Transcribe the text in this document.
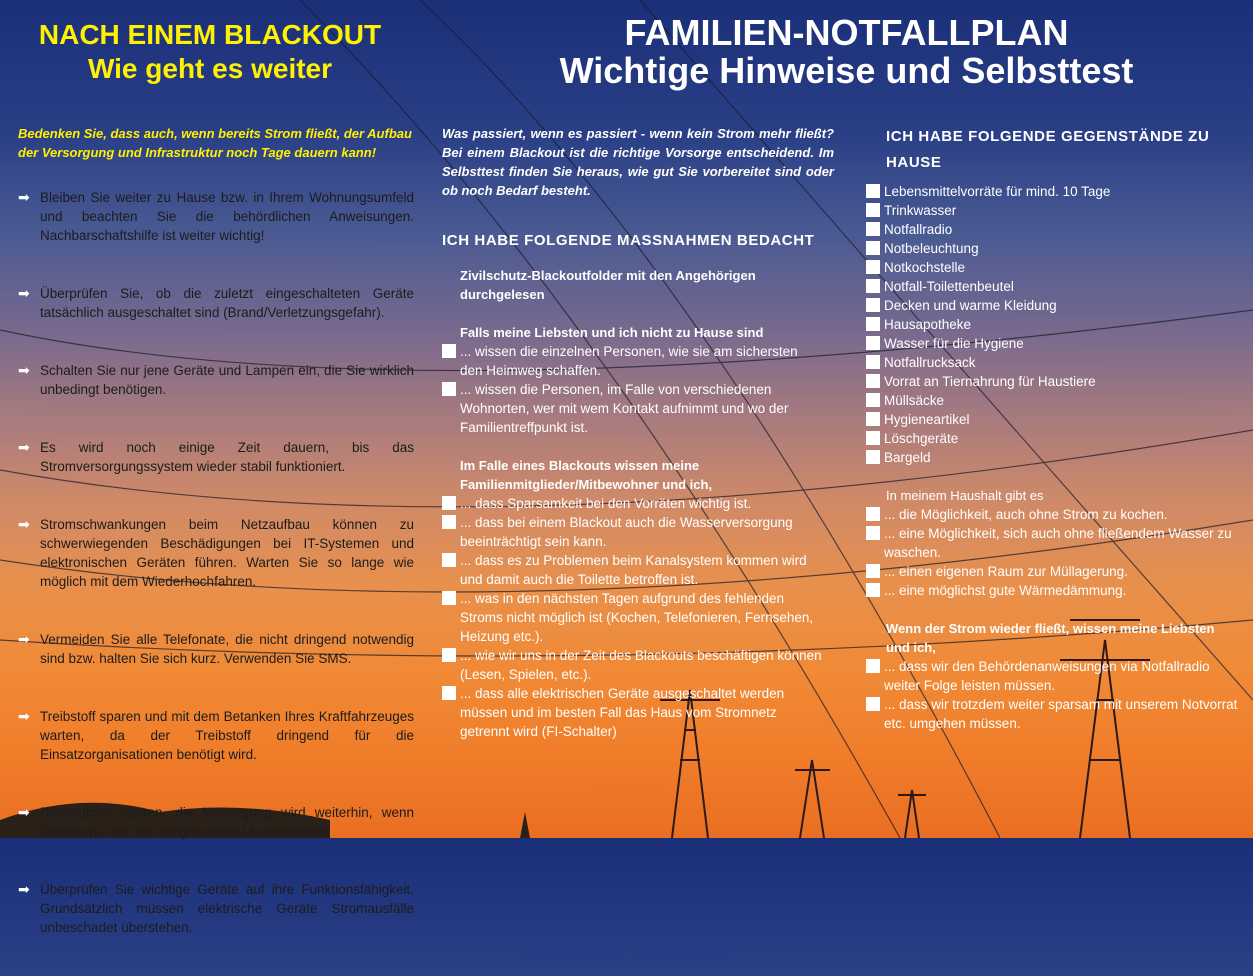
NACH EINEM BLACKOUT
Wie geht es weiter
Bedenken Sie, dass auch, wenn bereits Strom fließt, der Aufbau der Versorgung und Infrastruktur noch Tage dauern kann!
➡ Bleiben Sie weiter zu Hause bzw. in Ihrem Wohnungsumfeld und beachten Sie die behördlichen Anweisungen. Nachbarschaftshilfe ist weiter wichtig!
➡ Überprüfen Sie, ob die zuletzt eingeschalteten Geräte tatsächlich ausgeschaltet sind (Brand/Verletzungsgefahr).
➡ Schalten Sie nur jene Geräte und Lampen ein, die Sie wirklich unbedingt benötigen.
➡ Es wird noch einige Zeit dauern, bis das Stromversorgungssystem wieder stabil funktioniert.
➡ Stromschwankungen beim Netzaufbau können zu schwerwiegenden Beschädigungen bei IT-Systemen und elektronischen Geräten führen. Warten Sie so lange wie möglich mit dem Wiederhochfahren.
➡ Vermeiden Sie alle Telefonate, die nicht dringend notwendig sind bzw. halten Sie sich kurz. Verwenden Sie SMS.
➡ Treibstoff sparen und mit dem Betanken Ihres Kraftfahrzeuges warten, da der Treibstoff dringend für die Einsatzorganisationen benötigt wird.
➡ Ressourcen sparen, die Versorgung wird weiterhin, wenn überhaupt, nur sehr eingeschränkt funktionieren.
➡ Überprüfen Sie wichtige Geräte auf ihre Funktionsfähigkeit. Grundsätzlich müssen elektrische Geräte Stromausfälle unbeschadet überstehen.
FAMILIEN-NOTFALLPLAN
Wichtige Hinweise und Selbsttest
Was passiert, wenn es passiert - wenn kein Strom mehr fließt? Bei einem Blackout ist die richtige Vorsorge entscheidend. Im Selbsttest finden Sie heraus, wie gut Sie vorbereitet sind oder ob noch Bedarf besteht.
ICH HABE FOLGENDE MASSNAHMEN BEDACHT
Zivilschutz-Blackoutfolder mit den Angehörigen durchgelesen
Falls meine Liebsten und ich nicht zu Hause sind
... wissen die einzelnen Personen, wie sie am sichersten den Heimweg schaffen.
... wissen die Personen, im Falle von verschiedenen Wohnorten, wer mit wem Kontakt aufnimmt und wo der Familientreffpunkt ist.
Im Falle eines Blackouts wissen meine Familienmitglieder/Mitbewohner und ich,
... dass Sparsamkeit bei den Vorräten wichtig ist.
... dass bei einem Blackout auch die Wasserversorgung beeinträchtigt sein kann.
... dass es zu Problemen beim Kanalsystem kommen wird und damit auch die Toilette betroffen ist.
... was in den nächsten Tagen aufgrund des fehlenden Stroms nicht möglich ist (Kochen, Telefonieren, Fernsehen, Heizung etc.).
... wie wir uns in der Zeit des Blackouts beschäftigen können (Lesen, Spielen, etc.).
... dass alle elektrischen Geräte ausgeschaltet werden müssen und im besten Fall das Haus vom Stromnetz getrennt wird (FI-Schalter)
ICH HABE FOLGENDE GEGENSTÄNDE ZU HAUSE
Lebensmittelvorräte für mind. 10 Tage
Trinkwasser
Notfallradio
Notbeleuchtung
Notkochstelle
Notfall-Toilettenbeutel
Decken und warme Kleidung
Hausapotheke
Wasser für die Hygiene
Notfallrucksack
Vorrat an Tiernahrung für Haustiere
Müllsäcke
Hygieneartikel
Löschgeräte
Bargeld
In meinem Haushalt gibt es
... die Möglichkeit, auch ohne Strom zu kochen.
... eine Möglichkeit, sich auch ohne fließendem Wasser zu waschen.
... einen eigenen Raum zur Müllagerung.
... eine möglichst gute Wärmedämmung.
Wenn der Strom wieder fließt, wissen meine Liebsten und ich,
... dass wir den Behördenanweisungen via Notfallradio weiter Folge leisten müssen.
... dass wir trotzdem weiter sparsam mit unserem Notvorrat etc. umgehen müssen.
